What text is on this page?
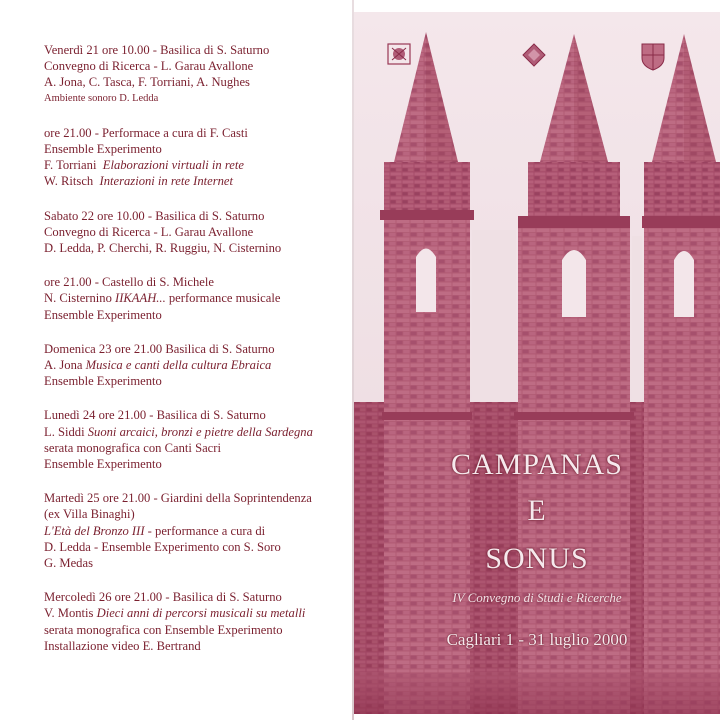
Venerdì 21 ore 10.00 - Basilica di S. Saturno
Convegno di Ricerca - L. Garau Avallone
A. Jona, C. Tasca, F. Torriani, A. Nughes
Ambiente sonoro D. Ledda
ore 21.00 - Performace a cura di F. Casti
Ensemble Experimento
F. Torriani  Elaborazioni virtuali in rete
W. Ritsch  Interazioni in rete Internet
Sabato 22 ore 10.00 - Basilica di S. Saturno
Convegno di Ricerca - L. Garau Avallone
D. Ledda, P. Cherchi, R. Ruggiu, N. Cisternino
ore 21.00 - Castello di S. Michele
N. Cisternino IIKAAH... performance musicale
Ensemble Experimento
Domenica 23 ore 21.00 Basilica di S. Saturno
A. Jona Musica e canti della cultura Ebraica
Ensemble Experimento
Lunedì 24 ore 21.00 - Basilica di S. Saturno
L. Siddi Suoni arcaici, bronzi e pietre della Sardegna
serata monografica con Canti Sacri
Ensemble Experimento
Martedì 25 ore 21.00 - Giardini della Soprintendenza
(ex Villa Binaghi)
L'Età del Bronzo III - performance a cura di
D. Ledda - Ensemble Experimento con S. Soro
G. Medas
Mercoledì 26 ore 21.00 - Basilica di S. Saturno
V. Montis Dieci anni di percorsi musicali su metalli
serata monografica con Ensemble Experimento
Installazione video E. Bertrand
CAMPANAS
E
SONUS
IV Convegno di Studi e Ricerche
Cagliari 1 - 31 luglio 2000
